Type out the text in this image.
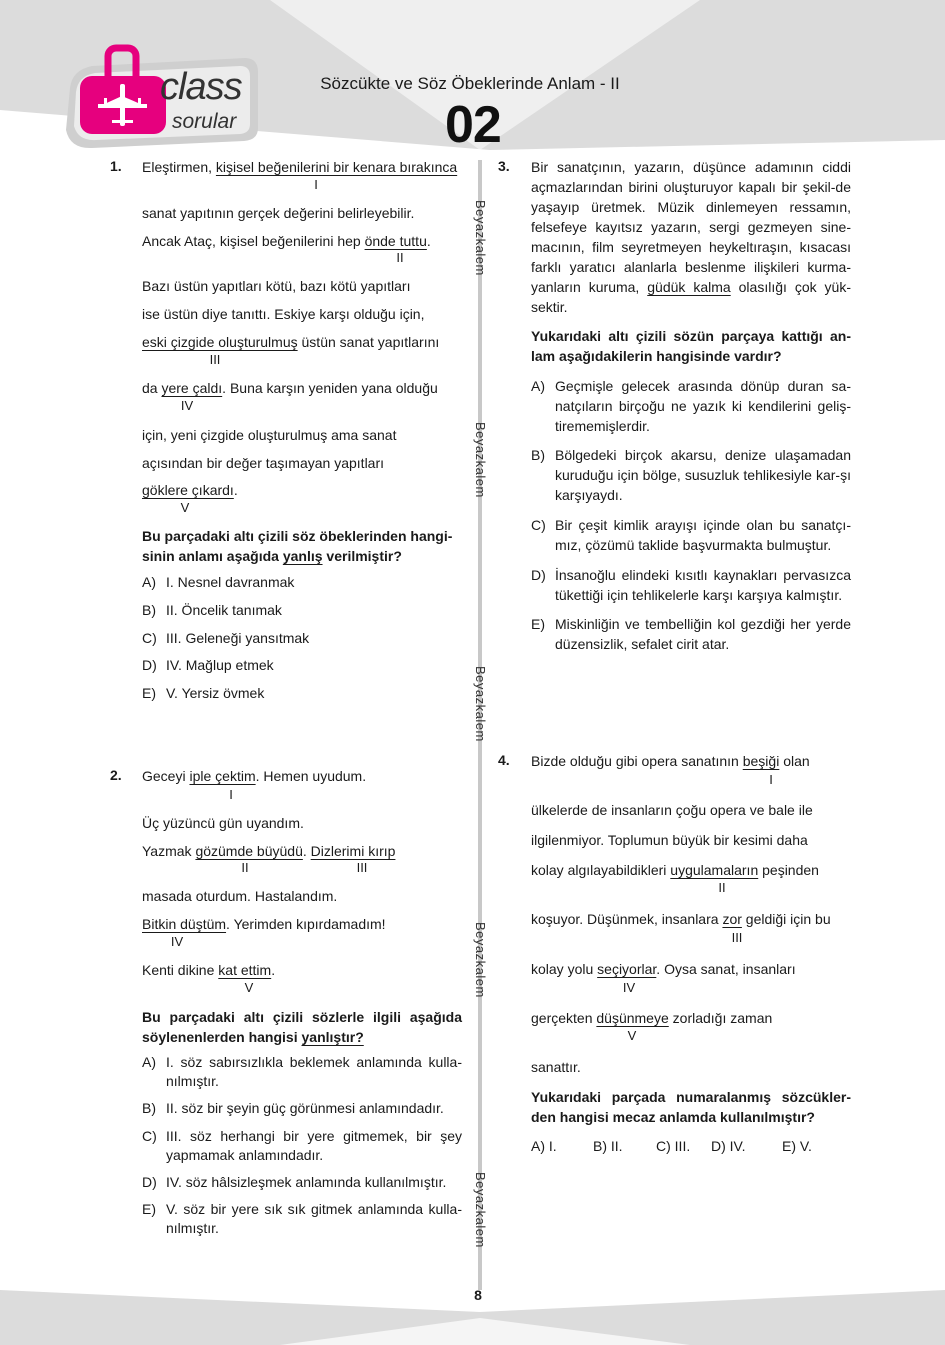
class
sorular
Sözcükte ve Söz Öbeklerinde Anlam - II
02
Beyazkalem
Beyazkalem
Beyazkalem
Beyazkalem
Beyazkalem
1. Eleştirmen, kişisel beğenilerini bir kenara bırakınca
I
sanat yapıtının gerçek değerini belirleyebilir.
Ancak Ataç, kişisel beğenilerini hep önde tuttu.
II
Bazı üstün yapıtları kötü, bazı kötü yapıtları
ise üstün diye tanıttı. Eskiye karşı olduğu için,
eski çizgide oluşturulmuş üstün sanat yapıtlarını
III
da yere çaldı. Buna karşın yeniden yana olduğu
IV
için, yeni çizgide oluşturulmuş ama sanat
açısından bir değer taşımayan yapıtları
göklere çıkardı.
V
Bu parçadaki altı çizili söz öbeklerinden hangi-
sinin anlamı aşağıda yanlış verilmiştir?
A) I. Nesnel davranmak
B) II. Öncelik tanımak
C) III. Geleneği yansıtmak
D) IV. Mağlup etmek
E) V. Yersiz övmek
2. Geceyi iple çektim. Hemen uyudum.
I
Üç yüzüncü gün uyandım.
Yazmak gözümde büyüdü. Dizlerimi kırıp
II	III
masada oturdum. Hastalandım.
Bitkin düştüm. Yerimden kıpırdamadım!
IV
Kenti dikine kat ettim.
V
Bu parçadaki altı çizili sözlerle ilgili aşağıda
söylenenlerden hangisi yanlıştır?
A) I. söz sabırsızlıkla beklemek anlamında kulla-nılmıştır.
B) II. söz bir şeyin güç görünmesi anlamındadır.
C) III. söz herhangi bir yere gitmemek, bir şey yapmamak anlamındadır.
D) IV. söz hâlsizleşmek anlamında kullanılmıştır.
E) V. söz bir yere sık sık gitmek anlamında kulla-nılmıştır.
3. Bir sanatçının, yazarın, düşünce adamının ciddi açmazlarından birini oluşturuyor kapalı bir şekil-de yaşayıp üretmek. Müzik dinlemeyen ressamın, felsefeye kayıtsız yazarın, sergi gezmeyen sine-macının, film seyretmeyen heykeltıraşın, kısacası farklı yaratıcı alanlarla beslenme ilişkileri kurma-yanların kuruma, güdük kalma olasılığı çok yük-sektir.
Yukarıdaki altı çizili sözün parçaya kattığı an-lam aşağıdakilerin hangisinde vardır?
A) Geçmişle gelecek arasında dönüp duran sa-natçıların birçoğu ne yazık ki kendilerini geliş-tirememişlerdir.
B) Bölgedeki birçok akarsu, denize ulaşamadan kuruduğu için bölge, susuzluk tehlikesiyle kar-şı karşıyaydı.
C) Bir çeşit kimlik arayışı içinde olan bu sanatçı-mız, çözümü taklide başvurmakta bulmuştur.
D) İnsanoğlu elindeki kısıtlı kaynakları pervasızca tükettiği için tehlikelerle karşı karşıya kalmıştır.
E) Miskinliğin ve tembelliğin kol gezdiği her yerde düzensizlik, sefalet cirit atar.
4. Bizde olduğu gibi opera sanatının beşiği olan
I
ülkelerde de insanların çoğu opera ve bale ile
ilgilenmiyor. Toplumun büyük bir kesimi daha
kolay algılayabildikleri uygulamaların peşinden
II
koşuyor. Düşünmek, insanlara zor geldiği için bu
III
kolay yolu seçiyorlar. Oysa sanat, insanları
IV
gerçekten düşünmeye zorladığı zaman
V
sanattır.
Yukarıdaki parçada numaralanmış sözcükler-den hangisi mecaz anlamda kullanılmıştır?
A) I.	B) II. C) III. D) IV.	E) V.
8
